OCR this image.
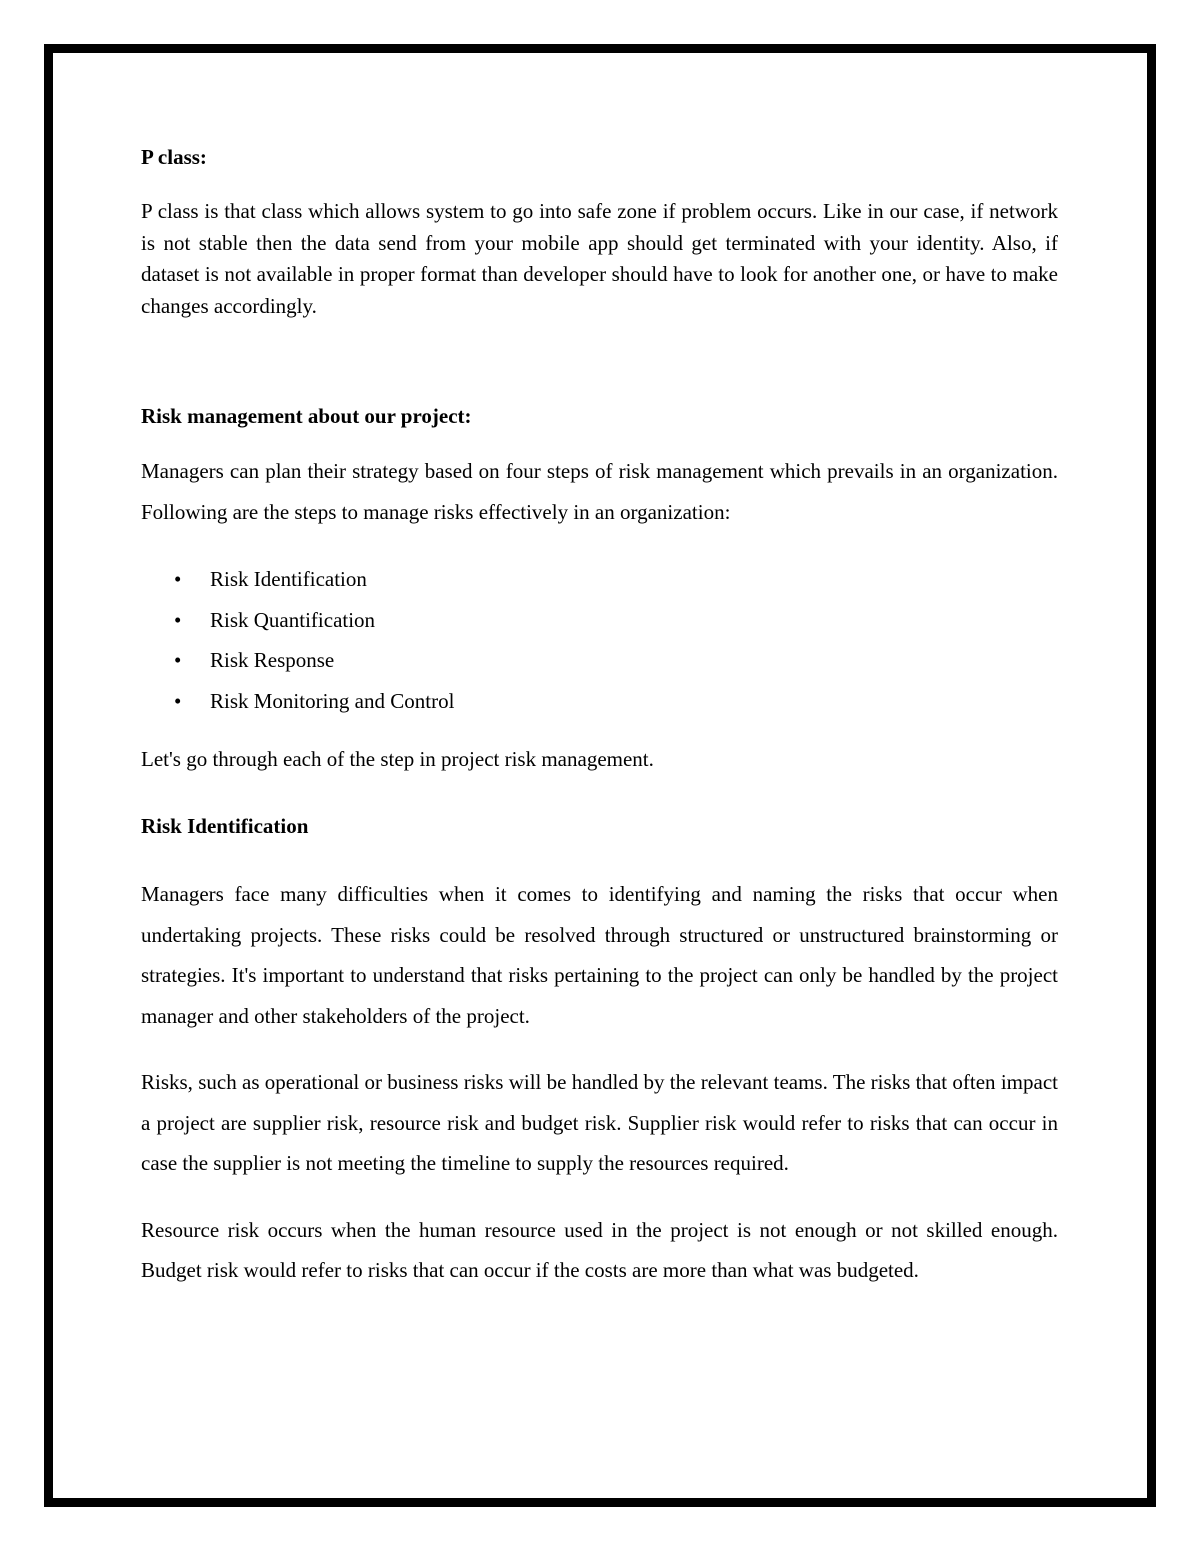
P class:

P class is that class which allows system to go into safe zone if problem occurs. Like in our case, if network is not stable then the data send from your mobile app should get terminated with your identity. Also, if dataset is not available in proper format than developer should have to look for another one, or have to make changes accordingly.

Risk management about our project:

Managers can plan their strategy based on four steps of risk management which prevails in an organization. Following are the steps to manage risks effectively in an organization:

• Risk Identification
• Risk Quantification
• Risk Response
• Risk Monitoring and Control

Let's go through each of the step in project risk management.

Risk Identification

Managers face many difficulties when it comes to identifying and naming the risks that occur when undertaking projects. These risks could be resolved through structured or unstructured brainstorming or strategies. It's important to understand that risks pertaining to the project can only be handled by the project manager and other stakeholders of the project.

Risks, such as operational or business risks will be handled by the relevant teams. The risks that often impact a project are supplier risk, resource risk and budget risk. Supplier risk would refer to risks that can occur in case the supplier is not meeting the timeline to supply the resources required.

Resource risk occurs when the human resource used in the project is not enough or not skilled enough. Budget risk would refer to risks that can occur if the costs are more than what was budgeted.
